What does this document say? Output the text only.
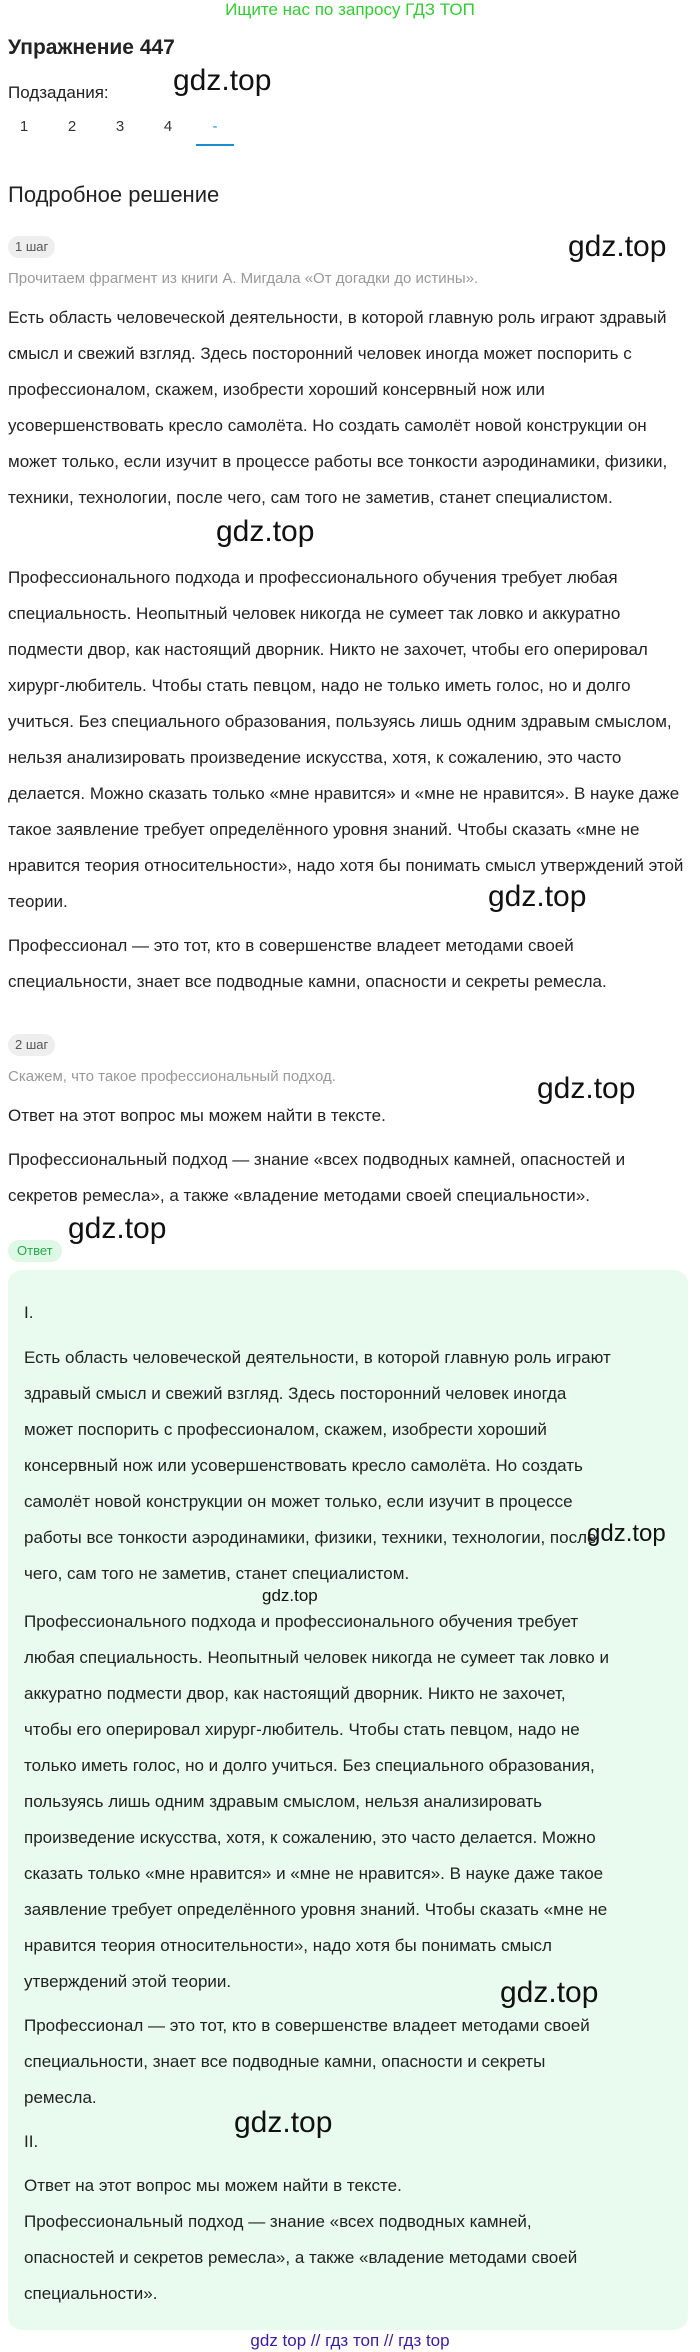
Ищите нас по запросу ГДЗ ТОП
Упражнение 447
Подзадания: gdz.top
1	2	3	4	-
Подробное решение
1 шаг	gdz.top
Прочитаем фрагмент из книги А. Мигдала «От догадки до истины».

Есть область человеческой деятельности, в которой главную роль играют здравый смысл и свежий взгляд. Здесь посторонний человек иногда может поспорить с профессионалом, скажем, изобрести хороший консервный нож или усовершенствовать кресло самолёта. Но создать самолёт новой конструкции он может только, если изучит в процессе работы все тонкости аэродинамики, физики, техники, технологии, после чего, сам того не заметив, станет специалистом.

gdz.top

Профессионального подхода и профессионального обучения требует любая специальность. Неопытный человек никогда не сумеет так ловко и аккуратно подмести двор, как настоящий дворник. Никто не захочет, чтобы его оперировал хирург-любитель. Чтобы стать певцом, надо не только иметь голос, но и долго учиться. Без специального образования, пользуясь лишь одним здравым смыслом, нельзя анализировать произведение искусства, хотя, к сожалению, это часто делается. Можно сказать только «мне нравится» и «мне не нравится». В науке даже такое заявление требует определённого уровня знаний. Чтобы сказать «мне не нравится теория относительности», надо хотя бы понимать смысл утверждений этой теории.	gdz.top

Профессионал — это тот, кто в совершенстве владеет методами своей специальности, знает все подводные камни, опасности и секреты ремесла.

2 шаг
Скажем, что такое профессиональный подход.	gdz.top

Ответ на этот вопрос мы можем найти в тексте.

Профессиональный подход — знание «всех подводных камней, опасностей и секретов ремесла», а также «владение методами своей специальности».

Ответ
gdz.top

I.

Есть область человеческой деятельности, в которой главную роль играют здравый смысл и свежий взгляд. Здесь посторонний человек иногда может поспорить с профессионалом, скажем, изобрести хороший консервный нож или усовершенствовать кресло самолёта. Но создать самолёт новой конструкции он может только, если изучит в процессе работы все тонкости аэродинамики, физики, техники, технологии, после чего, сам того не заметив, станет специалистом.

gdz.top
gdz.top

Профессионального подхода и профессионального обучения требует любая специальность. Неопытный человек никогда не сумеет так ловко и аккуратно подмести двор, как настоящий дворник. Никто не захочет, чтобы его оперировал хирург-любитель. Чтобы стать певцом, надо не только иметь голос, но и долго учиться. Без специального образования, пользуясь лишь одним здравым смыслом, нельзя анализировать произведение искусства, хотя, к сожалению, это часто делается. Можно сказать только «мне нравится» и «мне не нравится». В науке даже такое заявление требует определённого уровня знаний. Чтобы сказать «мне не нравится теория относительности», надо хотя бы понимать смысл утверждений этой теории.	gdz.top

Профессионал — это тот, кто в совершенстве владеет методами своей специальности, знает все подводные камни, опасности и секреты ремесла.

gdz.top

II.

Ответ на этот вопрос мы можем найти в тексте.

Профессиональный подход — знание «всех подводных камней, опасностей и секретов ремесла», а также «владение методами своей специальности».

gdz top // гдз топ // гдз top
